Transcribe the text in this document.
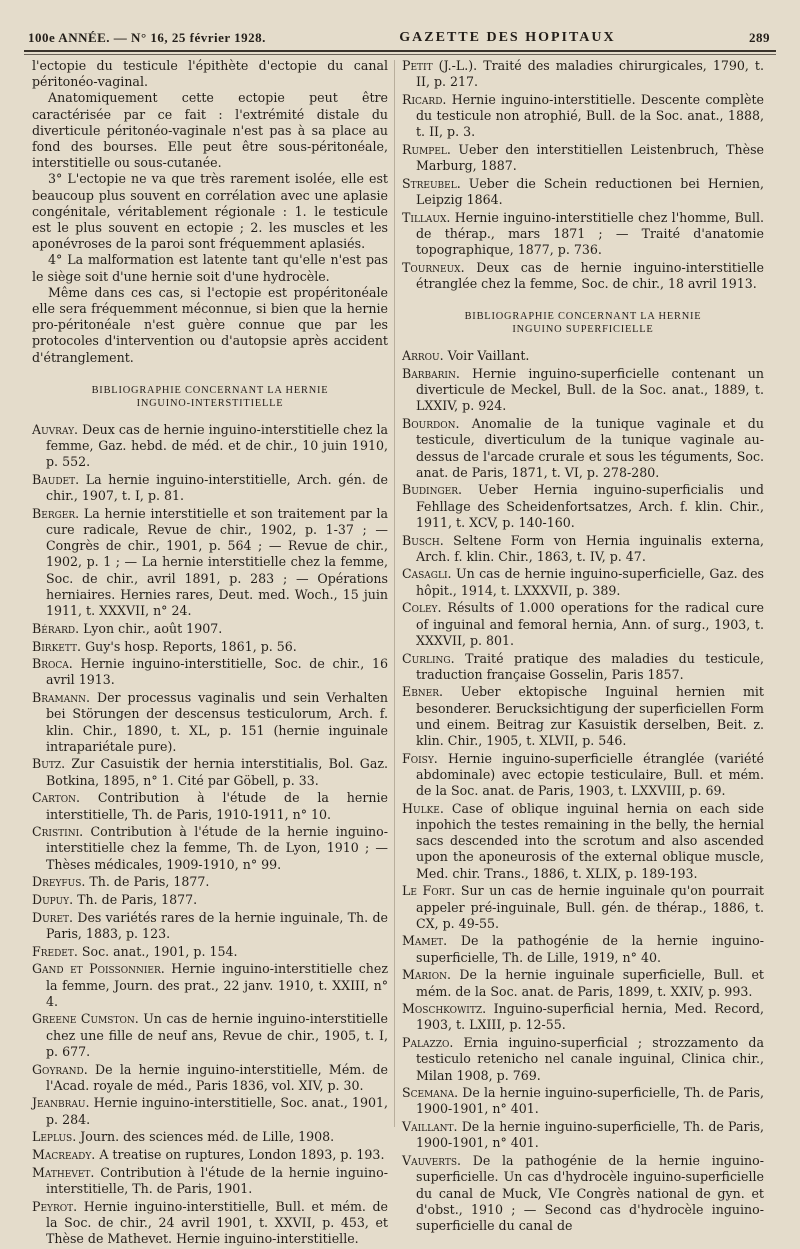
100e ANNÉE. — N° 16, 25 février 1928.	GAZETTE DES HOPITAUX	289

l'ectopie du testicule l'épithète d'ectopie du canal péritonéo-vaginal.

Anatomiquement cette ectopie peut être caractérisée par ce fait : l'extrémité distale du diverticule péritonéo-vaginale n'est pas à sa place au fond des bourses. Elle peut être sous-péritonéale, interstitielle ou sous-cutanée.

3° L'ectopie ne va que très rarement isolée, elle est beaucoup plus souvent en corrélation avec une aplasie congénitale, véritablement régionale : 1. le testicule est le plus souvent en ectopie ; 2. les muscles et les aponévroses de la paroi sont fréquemment aplasiés.

4° La malformation est latente tant qu'elle n'est pas le siège soit d'une hernie soit d'une hydrocèle.

Même dans ces cas, si l'ectopie est propéritonéale elle sera fréquemment méconnue, si bien que la hernie pro-péritonéale n'est guère connue que par les protocoles d'intervention ou d'autopsie après accident d'étranglement.

BIBLIOGRAPHIE CONCERNANT LA HERNIE
INGUINO-INTERSTITIELLE
Auvray. Deux cas de hernie inguino-interstitielle chez la femme, Gaz. hebd. de méd. et de chir., 10 juin 1910, p. 552.
Baudet. La hernie inguino-interstitielle, Arch. gén. de chir., 1907, t. I, p. 81.
Berger. La hernie interstitielle et son traitement par la cure radicale, Revue de chir., 1902, p. 1-37 ; — Congrès de chir., 1901, p. 564 ; — Revue de chir., 1902, p. 1 ; — La hernie interstitielle chez la femme, Soc. de chir., avril 1891, p. 283 ; — Opérations herniaires. Hernies rares, Deut. med. Woch., 15 juin 1911, t. XXXVII, n° 24.
Bérard. Lyon chir., août 1907.
Birkett. Guy's hosp. Reports, 1861, p. 56.
Broca. Hernie inguino-interstitielle, Soc. de chir., 16 avril 1913.
Bramann. Der processus vaginalis und sein Verhalten bei Störungen der descensus testiculorum, Arch. f. klin. Chir., 1890, t. XL, p. 151 (hernie inguinale intrapariétale pure).
Butz. Zur Casuistik der hernia interstitialis, Bol. Gaz. Botkina, 1895, n° 1. Cité par Göbell, p. 33.
Carton. Contribution à l'étude de la hernie interstitielle, Th. de Paris, 1910-1911, n° 10.
Cristini. Contribution à l'étude de la hernie inguino-interstitielle chez la femme, Th. de Lyon, 1910 ; — Thèses médicales, 1909-1910, n° 99.
Dreyfus. Th. de Paris, 1877.
Dupuy. Th. de Paris, 1877.
Duret. Des variétés rares de la hernie inguinale, Th. de Paris, 1883, p. 123.
Fredet. Soc. anat., 1901, p. 154.
Gand et Poissonnier. Hernie inguino-interstitielle chez la femme, Journ. des prat., 22 janv. 1910, t. XXIII, n° 4.
Greene Cumston. Un cas de hernie inguino-interstitielle chez une fille de neuf ans, Revue de chir., 1905, t. I, p. 677.
Goyrand. De la hernie inguino-interstitielle, Mém. de l'Acad. royale de méd., Paris 1836, vol. XIV, p. 30.
Jeanbrau. Hernie inguino-interstitielle, Soc. anat., 1901, p. 284.
Leplus. Journ. des sciences méd. de Lille, 1908.
Macready. A treatise on ruptures, London 1893, p. 193.
Mathevet. Contribution à l'étude de la hernie inguino-interstitielle, Th. de Paris, 1901.
Peyrot. Hernie inguino-interstitielle, Bull. et mém. de la Soc. de chir., 24 avril 1901, t. XXVII, p. 453, et Thèse de Mathevet. Hernie inguino-interstitielle.
Petit (J.-L.). Traité des maladies chirurgicales, 1790, t. II, p. 217.
Ricard. Hernie inguino-interstitielle. Descente complète du testicule non atrophié, Bull. de la Soc. anat., 1888, t. II, p. 3.
Rumpel. Ueber den interstitiellen Leistenbruch, Thèse Marburg, 1887.
Streubel. Ueber die Schein reductionen bei Hernien, Leipzig 1864.
Tillaux. Hernie inguino-interstitielle chez l'homme, Bull. de thérap., mars 1871 ; — Traité d'anatomie topographique, 1877, p. 736.
Tourneux. Deux cas de hernie inguino-interstitielle étranglée chez la femme, Soc. de chir., 18 avril 1913.
BIBLIOGRAPHIE CONCERNANT LA HERNIE
INGUINO SUPERFICIELLE
Arrou. Voir Vaillant.
Barbarin. Hernie inguino-superficielle contenant un diverticule de Meckel, Bull. de la Soc. anat., 1889, t. LXXIV, p. 924.
Bourdon. Anomalie de la tunique vaginale et du testicule, diverticulum de la tunique vaginale au-dessus de l'arcade crurale et sous les téguments, Soc. anat. de Paris, 1871, t. VI, p. 278-280.
Budinger. Ueber Hernia inguino-superficialis und Fehllage des Scheidenfortsatzes, Arch. f. klin. Chir., 1911, t. XCV, p. 140-160.
Busch. Seltene Form von Hernia inguinalis externa, Arch. f. klin. Chir., 1863, t. IV, p. 47.
Casagli. Un cas de hernie inguino-superficielle, Gaz. des hôpit., 1914, t. LXXXVII, p. 389.
Coley. Résults of 1.000 operations for the radical cure of inguinal and femoral hernia, Ann. of surg., 1903, t. XXXVII, p. 801.
Curling. Traité pratique des maladies du testicule, traduction française Gosselin, Paris 1857.
Ebner. Ueber ektopische Inguinal hernien mit besonderer. Berucksichtigung der superficiellen Form und einem. Beitrag zur Kasuistik derselben, Beit. z. klin. Chir., 1905, t. XLVII, p. 546.
Foisy. Hernie inguino-superficielle étranglée (variété abdominale) avec ectopie testiculaire, Bull. et mém. de la Soc. anat. de Paris, 1903, t. LXXVIII, p. 69.
Hulke. Case of oblique inguinal hernia on each side inpohich the testes remaining in the belly, the hernial sacs descended into the scrotum and also ascended upon the aponeurosis of the external oblique muscle, Med. chir. Trans., 1886, t. XLIX, p. 189-193.
Le Fort. Sur un cas de hernie inguinale qu'on pourrait appeler pré-inguinale, Bull. gén. de thérap., 1886, t. CX, p. 49-55.
Mamet. De la pathogénie de la hernie inguino-superficielle, Th. de Lille, 1919, n° 40.
Marion. De la hernie inguinale superficielle, Bull. et mém. de la Soc. anat. de Paris, 1899, t. XXIV, p. 993.
Moschkowitz. Inguino-superficial hernia, Med. Record, 1903, t. LXIII, p. 12-55.
Palazzo. Ernia inguino-superficial ; strozzamento da testiculo retenicho nel canale inguinal, Clinica chir., Milan 1908, p. 769.
Scemana. De la hernie inguino-superficielle, Th. de Paris, 1900-1901, n° 401.
Vaillant. De la hernie inguino-superficielle, Th. de Paris, 1900-1901, n° 401.
Vauverts. De la pathogénie de la hernie inguino-superficielle. Un cas d'hydrocèle inguino-superficielle du canal de Muck, VIe Congrès national de gyn. et d'obst., 1910 ; — Second cas d'hydrocèle inguino-superficielle du canal de
